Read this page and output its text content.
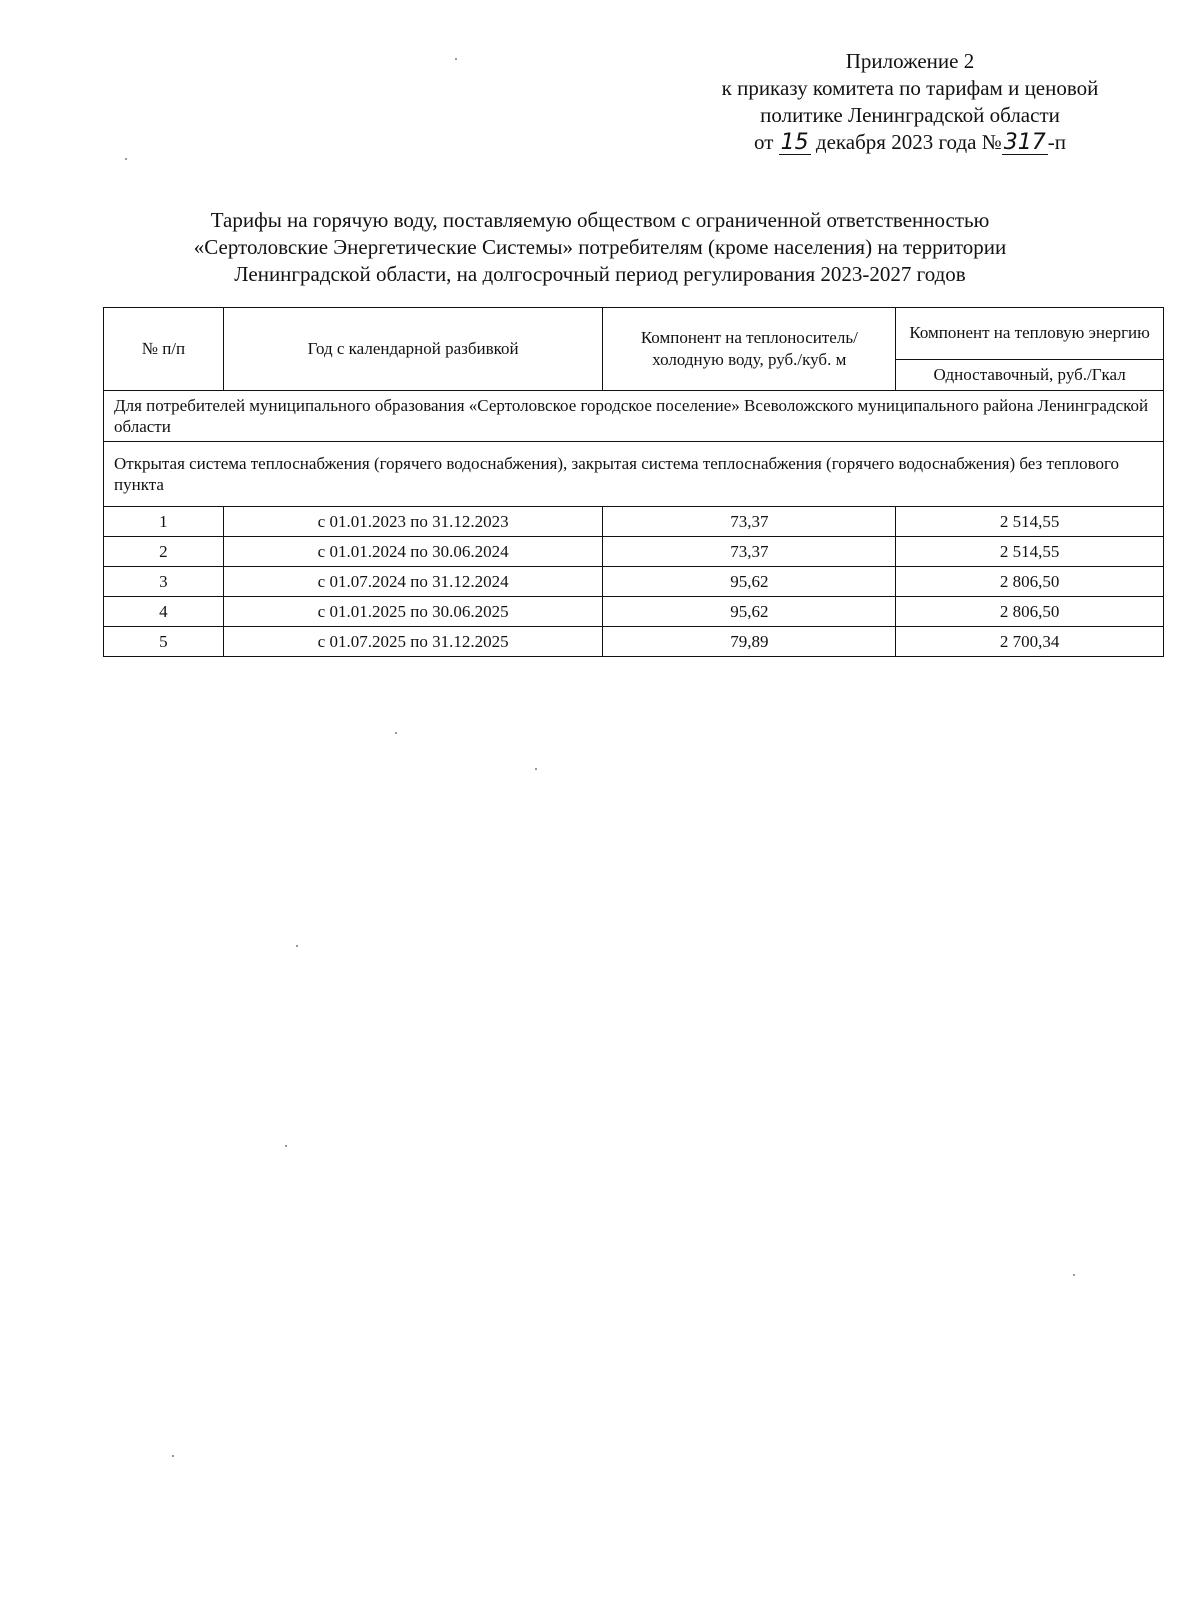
Приложение 2
к приказу комитета по тарифам и ценовой
политике Ленинградской области
от 15 декабря 2023 года №317-п
Тарифы на горячую воду, поставляемую обществом с ограниченной ответственностью
«Сертоловские Энергетические Системы» потребителям (кроме населения) на территории
Ленинградской области, на долгосрочный период регулирования 2023-2027 годов
№ п/п	Год с календарной разбивкой	Компонент на теплоноситель/ холодную воду, руб./куб. м	Компонент на тепловую энергию
			Одноставочный, руб./Гкал
Для потребителей муниципального образования «Сертоловское городское поселение» Всеволожского муниципального района Ленинградской области			
Открытая система теплоснабжения (горячего водоснабжения), закрытая система теплоснабжения (горячего водоснабжения) без теплового пункта			
1	с 01.01.2023 по 31.12.2023	73,37	2 514,55
2	с 01.01.2024 по 30.06.2024	73,37	2 514,55
3	с 01.07.2024 по 31.12.2024	95,62	2 806,50
4	с 01.01.2025 по 30.06.2025	95,62	2 806,50
5	с 01.07.2025 по 31.12.2025	79,89	2 700,34
